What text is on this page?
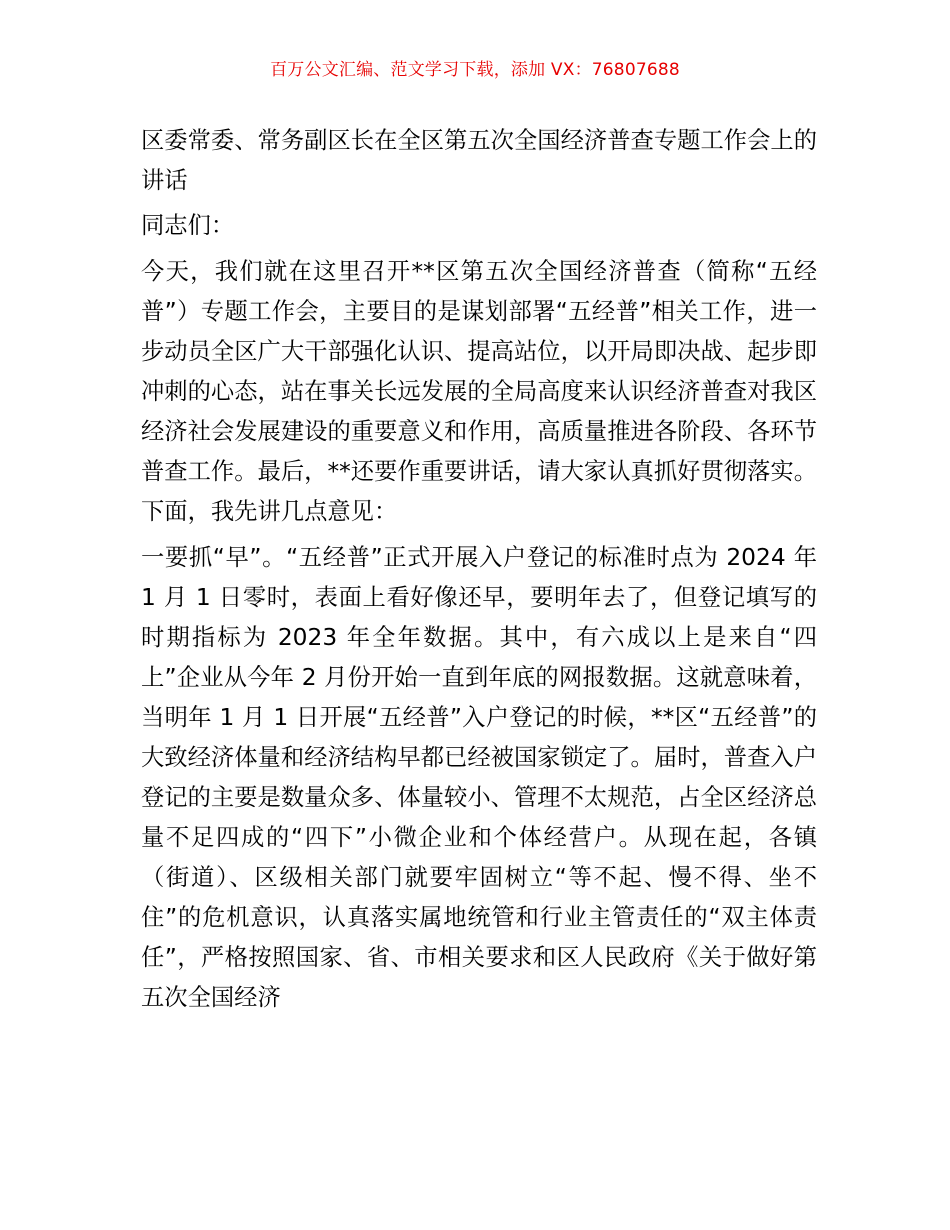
百万公文汇编、范文学习下载，添加 VX：76807688

区委常委、常务副区长在全区第五次全国经济普查专题工作会上的讲话

同志们：

今天，我们就在这里召开**区第五次全国经济普查（简称“五经普”）专题工作会，主要目的是谋划部署“五经普”相关工作，进一步动员全区广大干部强化认识、提高站位，以开局即决战、起步即冲刺的心态，站在事关长远发展的全局高度来认识经济普查对我区经济社会发展建设的重要意义和作用，高质量推进各阶段、各环节普查工作。最后，**还要作重要讲话，请大家认真抓好贯彻落实。下面，我先讲几点意见：

一要抓“早”。“五经普”正式开展入户登记的标准时点为 2024 年 1 月 1 日零时，表面上看好像还早，要明年去了，但登记填写的时期指标为 2023 年全年数据。其中，有六成以上是来自“四上”企业从今年 2 月份开始一直到年底的网报数据。这就意味着，当明年 1 月 1 日开展“五经普”入户登记的时候，**区“五经普”的大致经济体量和经济结构早都已经被国家锁定了。届时，普查入户登记的主要是数量众多、体量较小、管理不太规范，占全区经济总量不足四成的“四下”小微企业和个体经营户。从现在起，各镇（街道）、区级相关部门就要牢固树立“等不起、慢不得、坐不住”的危机意识，认真落实属地统管和行业主管责任的“双主体责任”，严格按照国家、省、市相关要求和区人民政府《关于做好第五次全国经济
